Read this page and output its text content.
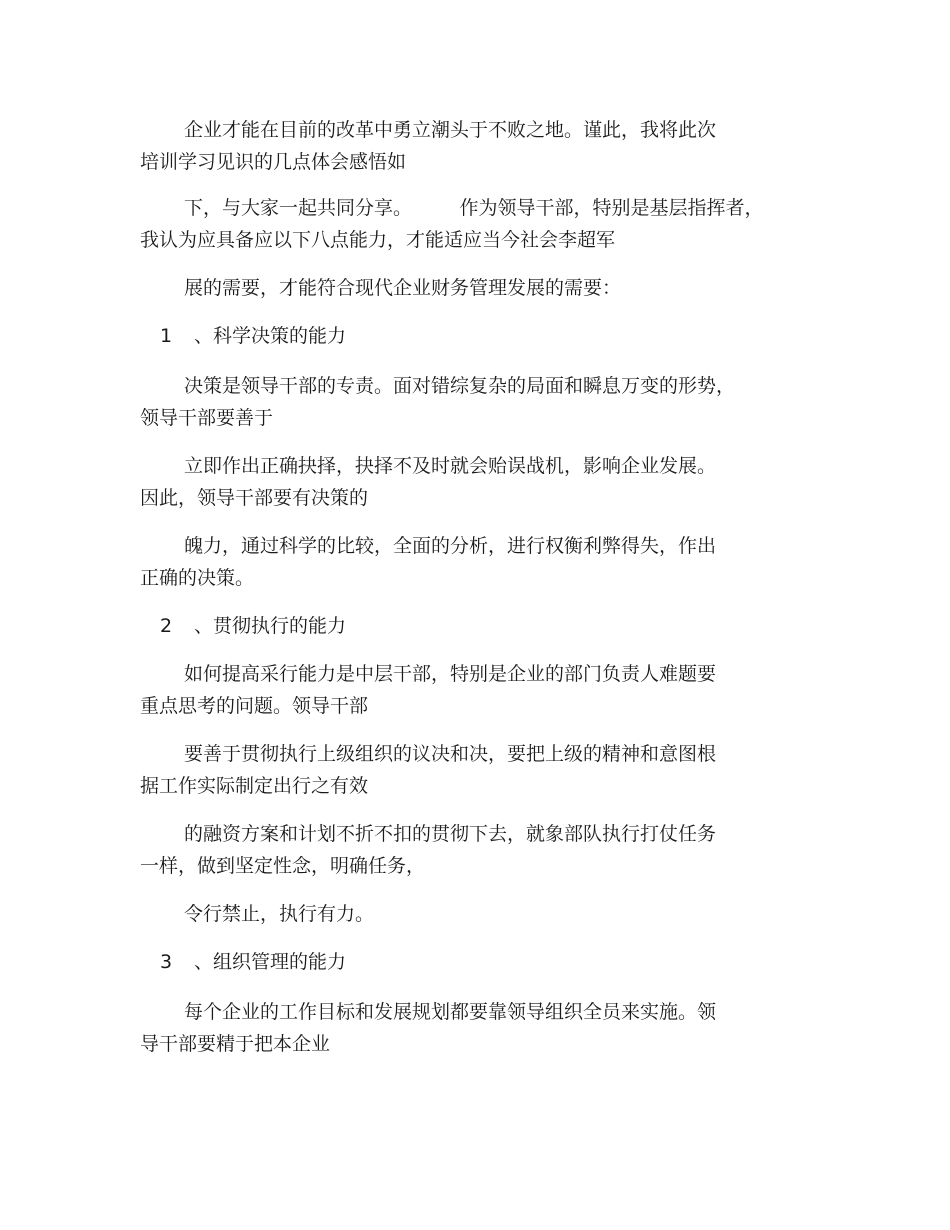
企业才能在目前的改革中勇立潮头于不败之地。谨此，我将此次
培训学习见识的几点体会感悟如
下，与大家一起共同分享。　　　作为领导干部，特别是基层指挥者，
我认为应具备应以下八点能力，才能适应当今社会李超军
展的需要，才能符合现代企业财务管理发展的需要：
1 、科学决策的能力
决策是领导干部的专责。面对错综复杂的局面和瞬息万变的形势，
领导干部要善于
立即作出正确抉择，抉择不及时就会贻误战机，影响企业发展。
因此，领导干部要有决策的
魄力，通过科学的比较，全面的分析，进行权衡利弊得失，作出
正确的决策。
2 、贯彻执行的能力
如何提高采行能力是中层干部，特别是企业的部门负责人难题要
重点思考的问题。领导干部
要善于贯彻执行上级组织的议决和决，要把上级的精神和意图根
据工作实际制定出行之有效
的融资方案和计划不折不扣的贯彻下去，就象部队执行打仗任务
一样，做到坚定性念，明确任务，
令行禁止，执行有力。
3 、组织管理的能力
每个企业的工作目标和发展规划都要靠领导组织全员来实施。领
导干部要精于把本企业
